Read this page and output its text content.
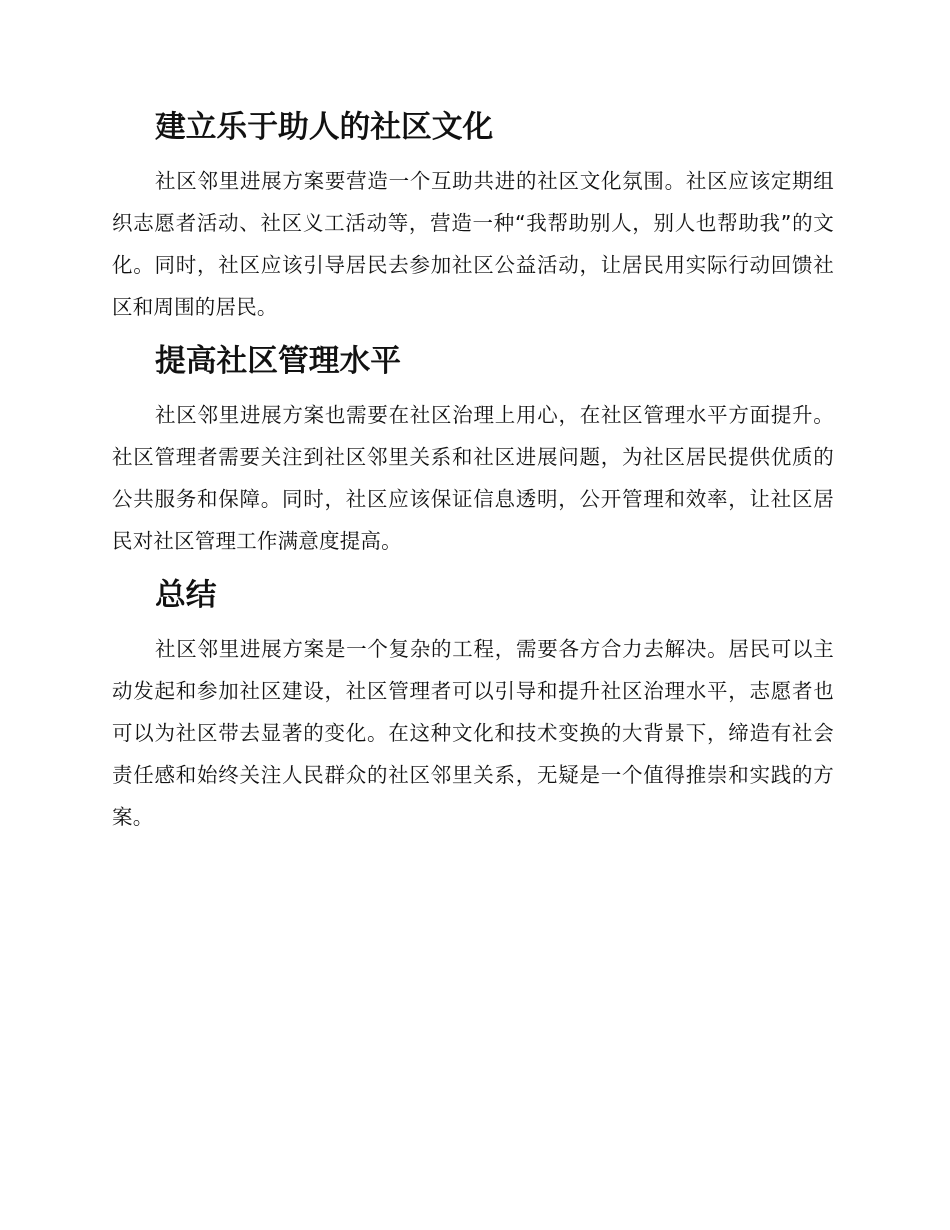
建立乐于助人的社区文化

社区邻里进展方案要营造一个互助共进的社区文化氛围。社区应该定期组织志愿者活动、社区义工活动等，营造一种“我帮助别人，别人也帮助我”的文化。同时，社区应该引导居民去参加社区公益活动，让居民用实际行动回馈社区和周围的居民。

提高社区管理水平

社区邻里进展方案也需要在社区治理上用心，在社区管理水平方面提升。社区管理者需要关注到社区邻里关系和社区进展问题，为社区居民提供优质的公共服务和保障。同时，社区应该保证信息透明，公开管理和效率，让社区居民对社区管理工作满意度提高。

总结

社区邻里进展方案是一个复杂的工程，需要各方合力去解决。居民可以主动发起和参加社区建设，社区管理者可以引导和提升社区治理水平，志愿者也可以为社区带去显著的变化。在这种文化和技术变换的大背景下，缔造有社会责任感和始终关注人民群众的社区邻里关系，无疑是一个值得推崇和实践的方案。
